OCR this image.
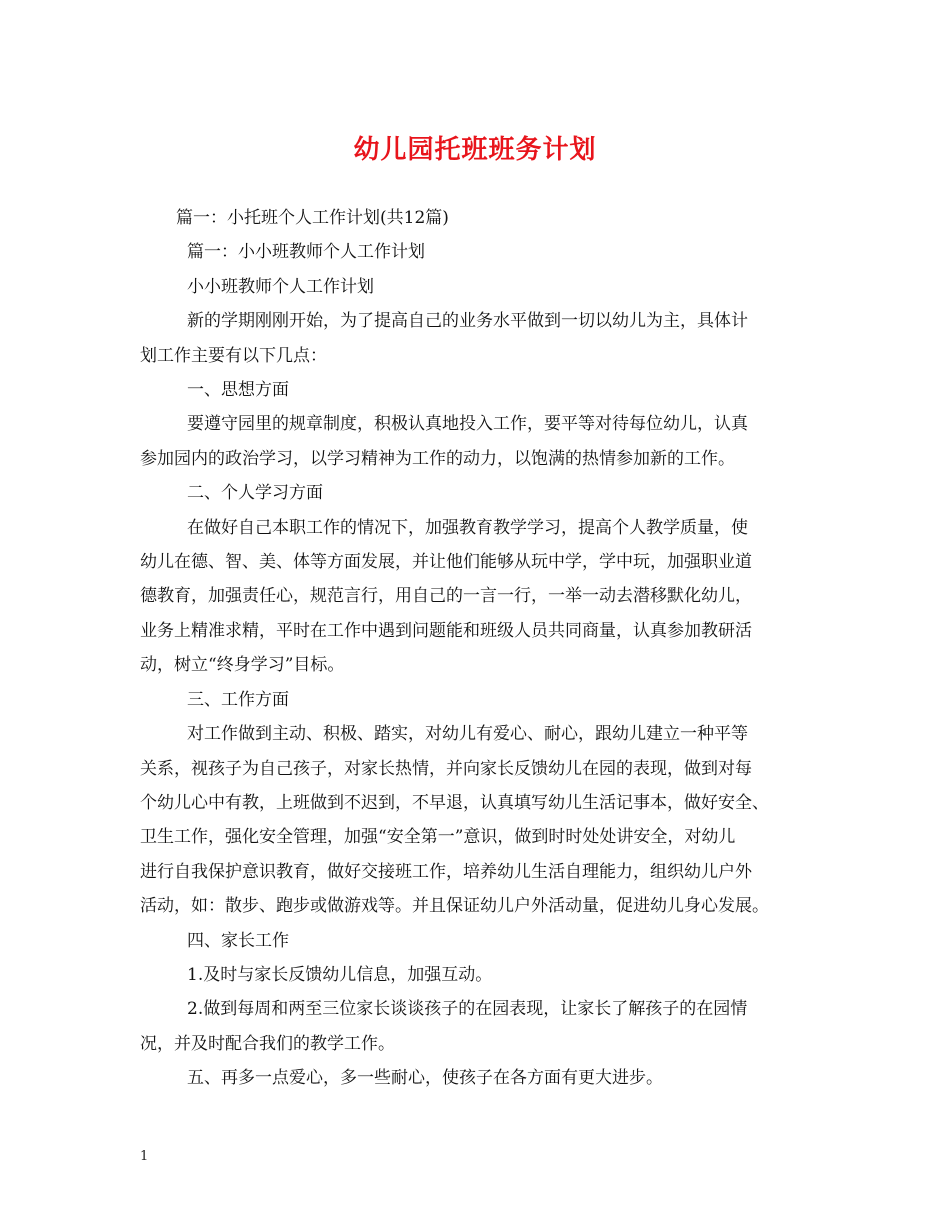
幼儿园托班班务计划

篇一：小托班个人工作计划(共12篇)

篇一：小小班教师个人工作计划

小小班教师个人工作计划

新的学期刚刚开始，为了提高自己的业务水平做到一切以幼儿为主，具体计

划工作主要有以下几点：

一、思想方面

要遵守园里的规章制度，积极认真地投入工作，要平等对待每位幼儿，认真

参加园内的政治学习，以学习精神为工作的动力，以饱满的热情参加新的工作。

二、个人学习方面

在做好自己本职工作的情况下，加强教育教学学习，提高个人教学质量，使

幼儿在德、智、美、体等方面发展，并让他们能够从玩中学，学中玩，加强职业道

德教育，加强责任心，规范言行，用自己的一言一行，一举一动去潜移默化幼儿，

业务上精准求精，平时在工作中遇到问题能和班级人员共同商量，认真参加教研活

动，树立“终身学习”目标。

三、工作方面

对工作做到主动、积极、踏实，对幼儿有爱心、耐心，跟幼儿建立一种平等

关系，视孩子为自己孩子，对家长热情，并向家长反馈幼儿在园的表现，做到对每

个幼儿心中有教，上班做到不迟到，不早退，认真填写幼儿生活记事本，做好安全、

卫生工作，强化安全管理，加强“安全第一”意识，做到时时处处讲安全，对幼儿

进行自我保护意识教育，做好交接班工作，培养幼儿生活自理能力，组织幼儿户外

活动，如：散步、跑步或做游戏等。并且保证幼儿户外活动量，促进幼儿身心发展。

四、家长工作

1.及时与家长反馈幼儿信息，加强互动。

2.做到每周和两至三位家长谈谈孩子的在园表现，让家长了解孩子的在园情

况，并及时配合我们的教学工作。

五、再多一点爱心，多一些耐心，使孩子在各方面有更大进步。

1
